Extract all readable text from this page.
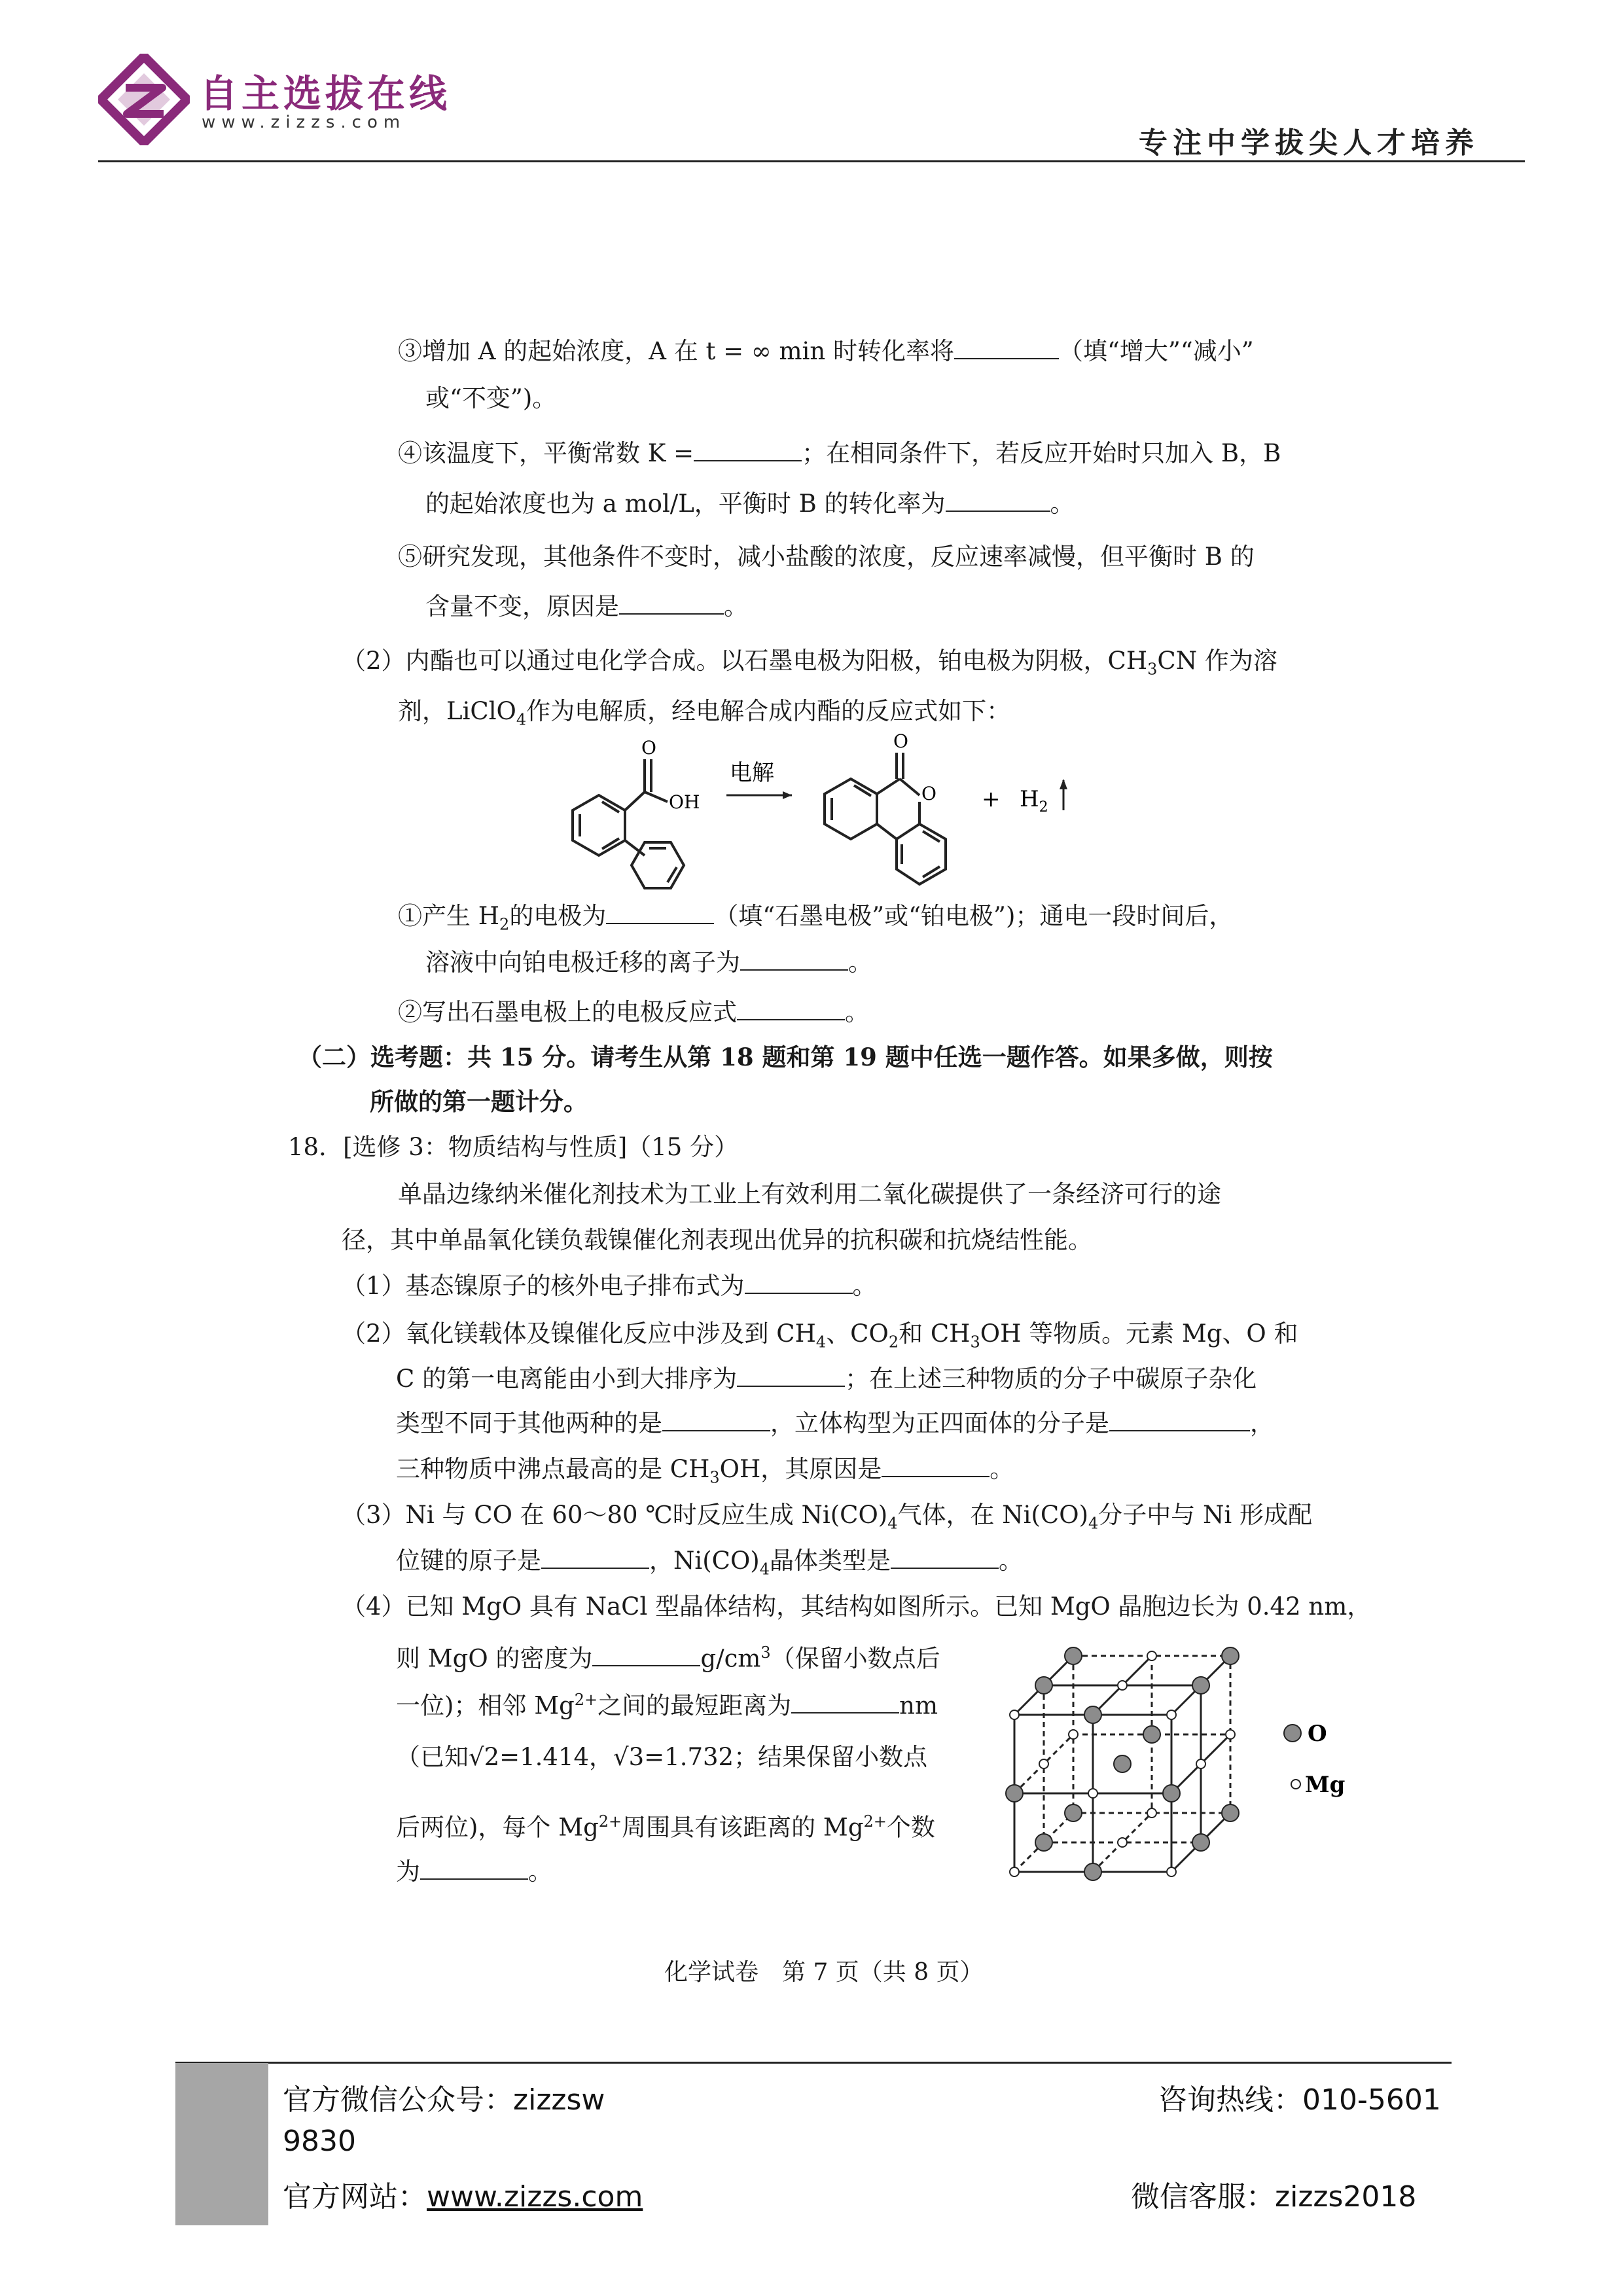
自主选拔在线
www.zizzs.com
专注中学拔尖人才培养
③增加 A 的起始浓度，A 在 t = ∞ min 时转化率将	（填“增大”“减小”
或“不变”)。
④该温度下，平衡常数 K =	；在相同条件下，若反应开始时只加入 B，B
的起始浓度也为 a mol/L，平衡时 B 的转化率为	。
⑤研究发现，其他条件不变时，减小盐酸的浓度，反应速率减慢，但平衡时 B 的
含量不变，原因是	。
（2）内酯也可以通过电化学合成。以石墨电极为阳极，铂电极为阴极，$CH_3CN$ 作为溶
剂，LiClO$_4$作为电解质，经电解合成内酯的反应式如下：
O
OH
电解
O
$O + H_2$
①产生 $H_2$的电极为	（填“石墨电极”或“铂电极”)；通电一段时间后，
溶液中向铂电极迁移的离子为	。
②写出石墨电极上的电极反应式	。
（二）选考题：共 15 分。请考生从第 18 题和第 19 题中任选一题作答。如果多做，则按
所做的第一题计分。
18．[选修 3：物质结构与性质]（15 分）
单晶边缘纳米催化剂技术为工业上有效利用二氧化碳提供了一条经济可行的途
径，其中单晶氧化镁负载镍催化剂表现出优异的抗积碳和抗烧结性能。
（1）基态镍原子的核外电子排布式为	。
（2）氧化镁载体及镍催化反应中涉及到 $CH_4$、$CO_2$和 $CH_3OH$ 等物质。元素 Mg、O 和
C 的第一电离能由小到大排序为	；在上述三种物质的分子中碳原子杂化
类型不同于其他两种的是	，立体构型为正四面体的分子是	，
三种物质中沸点最高的是 $CH_3OH$，其原因是	。
（3）Ni 与 CO 在 60～80 ℃时反应生成 $Ni(CO)_4$气体，在 $Ni(CO)_4$分子中与 Ni 形成配
位键的原子是	，$Ni(CO)_4$晶体类型是	。
（4）已知 MgO 具有 NaCl 型晶体结构，其结构如图所示。已知 MgO 晶胞边长为 0.42 nm，
则 MgO 的密度为	$g/cm^3$（保留小数点后
一位)；相邻 $Mg^{2+}$之间的最短距离为	nm
（已知√2=1.414，√3=1.732；结果保留小数点
后两位)，每个 $Mg^{2+}$周围具有该距离的 $Mg^{2+}$个数
为	。
O
Mg
化学试卷　第 7 页（共 8 页）
官方微信公众号：zizzsw	咨询热线：010-5601
9830
官方网站：www.zizzs.com	微信客服：zizzs2018
